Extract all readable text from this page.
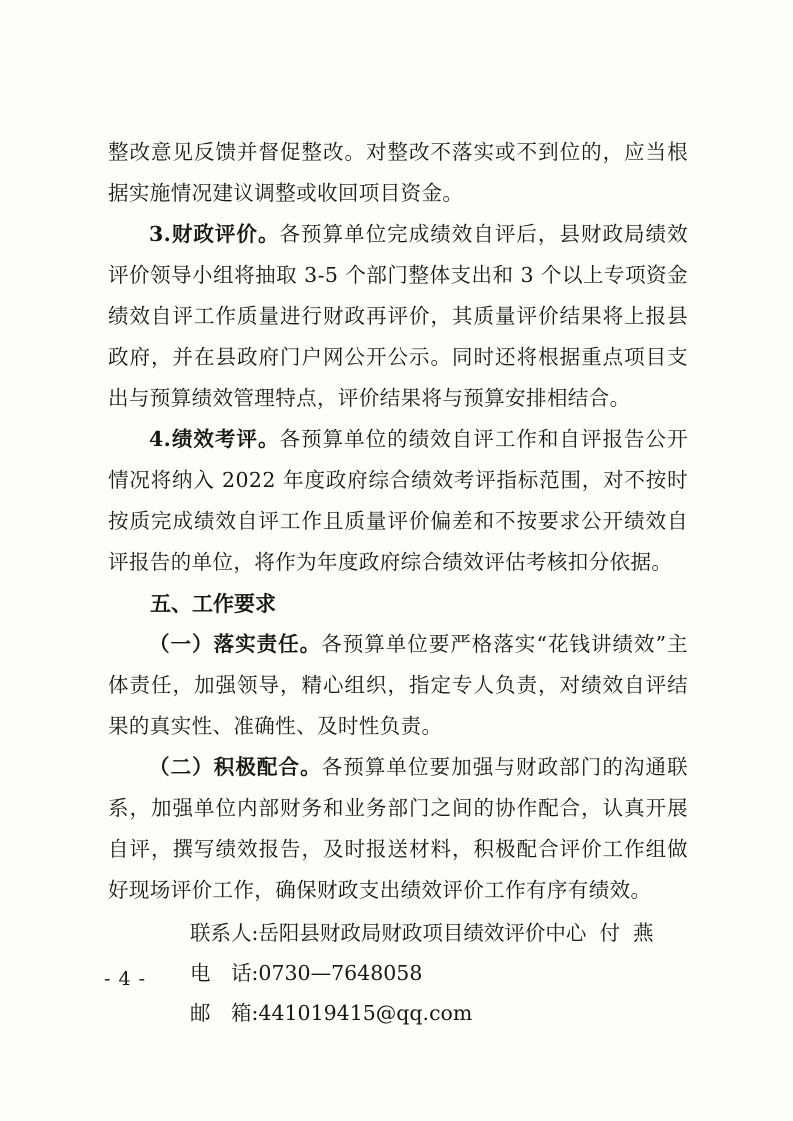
整改意见反馈并督促整改。对整改不落实或不到位的，应当根据实施情况建议调整或收回项目资金。

3.财政评价。各预算单位完成绩效自评后，县财政局绩效评价领导小组将抽取 3-5 个部门整体支出和 3 个以上专项资金绩效自评工作质量进行财政再评价，其质量评价结果将上报县政府，并在县政府门户网公开公示。同时还将根据重点项目支出与预算绩效管理特点，评价结果将与预算安排相结合。

4.绩效考评。各预算单位的绩效自评工作和自评报告公开情况将纳入 2022 年度政府综合绩效考评指标范围，对不按时按质完成绩效自评工作且质量评价偏差和不按要求公开绩效自评报告的单位，将作为年度政府综合绩效评估考核扣分依据。

五、工作要求

（一）落实责任。各预算单位要严格落实“花钱讲绩效”主体责任，加强领导，精心组织，指定专人负责，对绩效自评结果的真实性、准确性、及时性负责。

（二）积极配合。各预算单位要加强与财政部门的沟通联系，加强单位内部财务和业务部门之间的协作配合，认真开展自评，撰写绩效报告，及时报送材料，积极配合评价工作组做好现场评价工作，确保财政支出绩效评价工作有序有绩效。

联系人:岳阳县财政局财政项目绩效评价中心  付  燕

电　话:0730—7648058

邮　箱:441019415@qq.com

- 4 -
